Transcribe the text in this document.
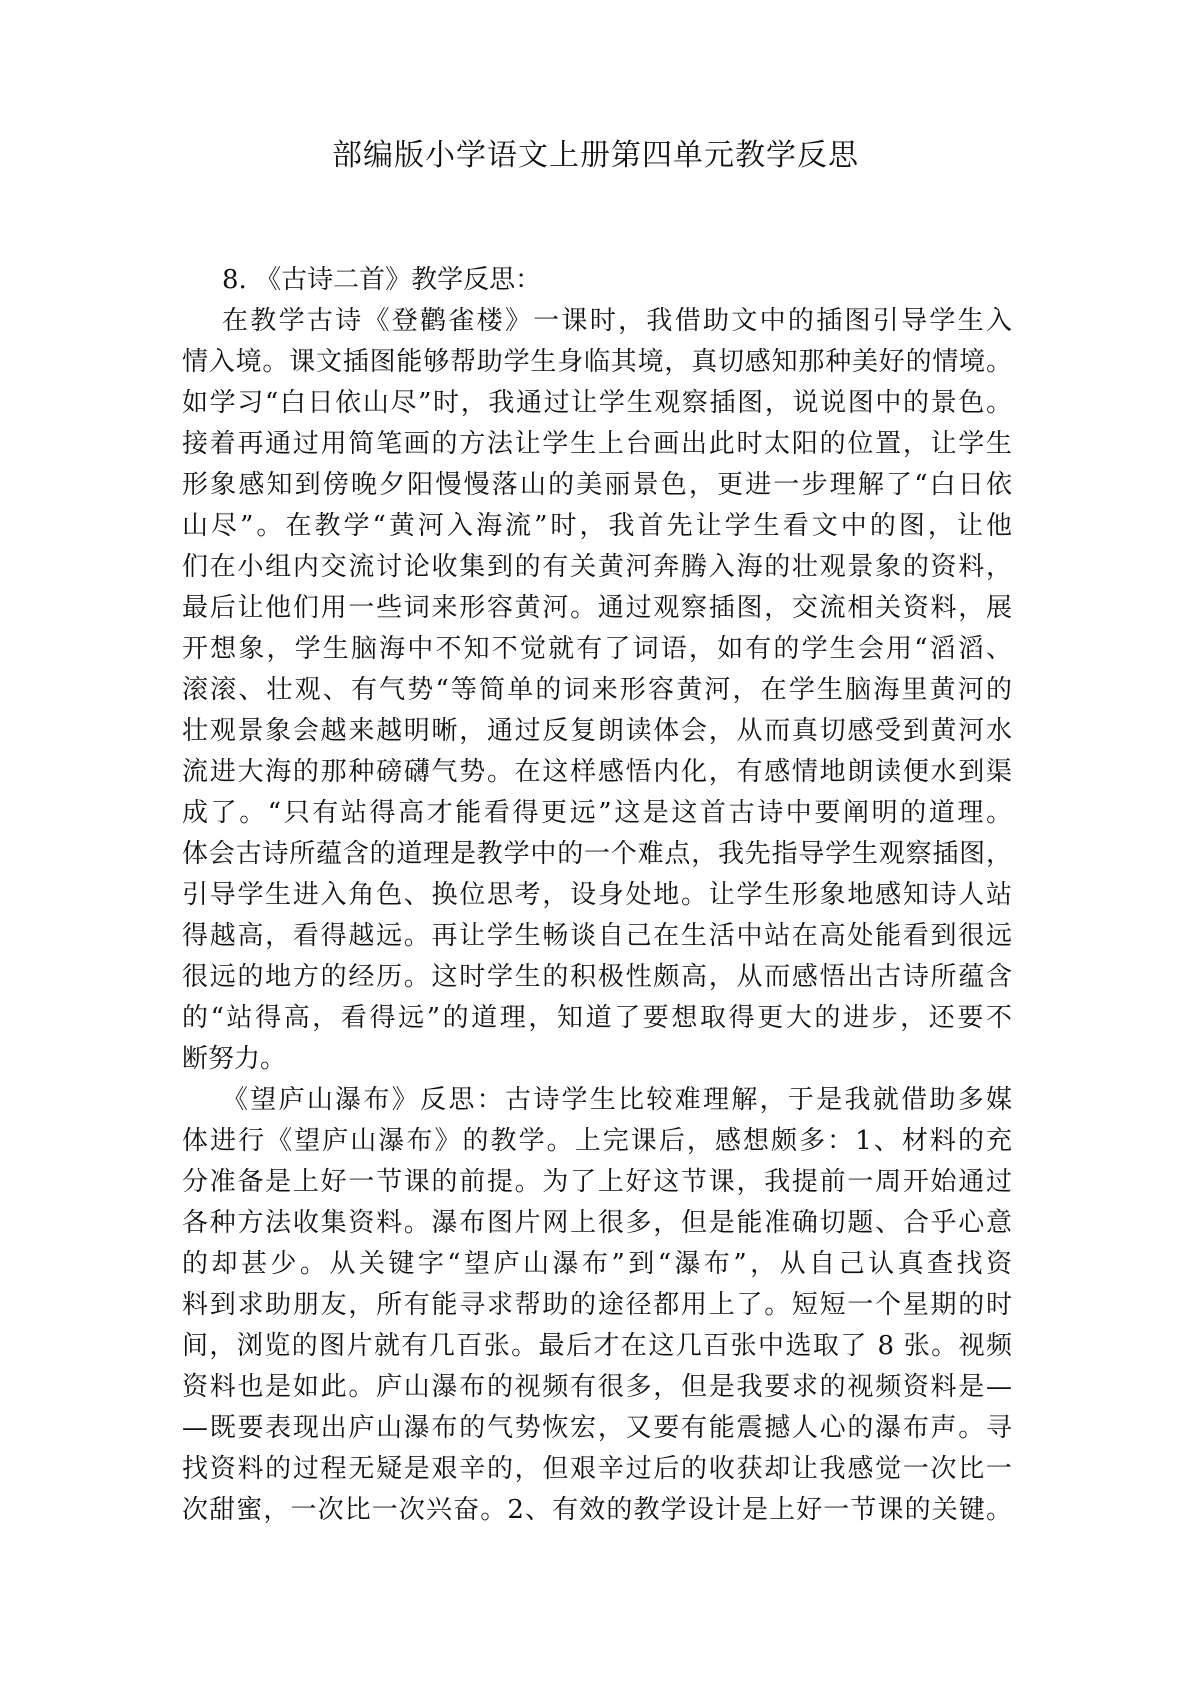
部编版小学语文上册第四单元教学反思
8. 《古诗二首》教学反思：

在教学古诗《登鹳雀楼》一课时，我借助文中的插图引导学生入
情入境。课文插图能够帮助学生身临其境，真切感知那种美好的情境。
如学习“白日依山尽”时，我通过让学生观察插图，说说图中的景色。
接着再通过用简笔画的方法让学生上台画出此时太阳的位置，让学生
形象感知到傍晚夕阳慢慢落山的美丽景色，更进一步理解了“白日依
山尽”。在教学“黄河入海流”时，我首先让学生看文中的图，让他
们在小组内交流讨论收集到的有关黄河奔腾入海的壮观景象的资料，
最后让他们用一些词来形容黄河。通过观察插图，交流相关资料，展
开想象，学生脑海中不知不觉就有了词语，如有的学生会用“滔滔、
滚滚、壮观、有气势“等简单的词来形容黄河，在学生脑海里黄河的
壮观景象会越来越明晰，通过反复朗读体会，从而真切感受到黄河水
流进大海的那种磅礴气势。在这样感悟内化，有感情地朗读便水到渠
成了。“只有站得高才能看得更远”这是这首古诗中要阐明的道理。
体会古诗所蕴含的道理是教学中的一个难点，我先指导学生观察插图，
引导学生进入角色、换位思考，设身处地。让学生形象地感知诗人站
得越高，看得越远。再让学生畅谈自己在生活中站在高处能看到很远
很远的地方的经历。这时学生的积极性颇高，从而感悟出古诗所蕴含
的“站得高，看得远”的道理，知道了要想取得更大的进步，还要不
断努力。

《望庐山瀑布》反思：古诗学生比较难理解，于是我就借助多媒
体进行《望庐山瀑布》的教学。上完课后，感想颇多：1、材料的充
分准备是上好一节课的前提。为了上好这节课，我提前一周开始通过
各种方法收集资料。瀑布图片网上很多，但是能准确切题、合乎心意
的却甚少。从关键字“望庐山瀑布”到“瀑布”，从自己认真查找资
料到求助朋友，所有能寻求帮助的途径都用上了。短短一个星期的时
间，浏览的图片就有几百张。最后才在这几百张中选取了 8 张。视频
资料也是如此。庐山瀑布的视频有很多，但是我要求的视频资料是—
—既要表现出庐山瀑布的气势恢宏，又要有能震撼人心的瀑布声。寻
找资料的过程无疑是艰辛的，但艰辛过后的收获却让我感觉一次比一
次甜蜜，一次比一次兴奋。2、有效的教学设计是上好一节课的关键。
